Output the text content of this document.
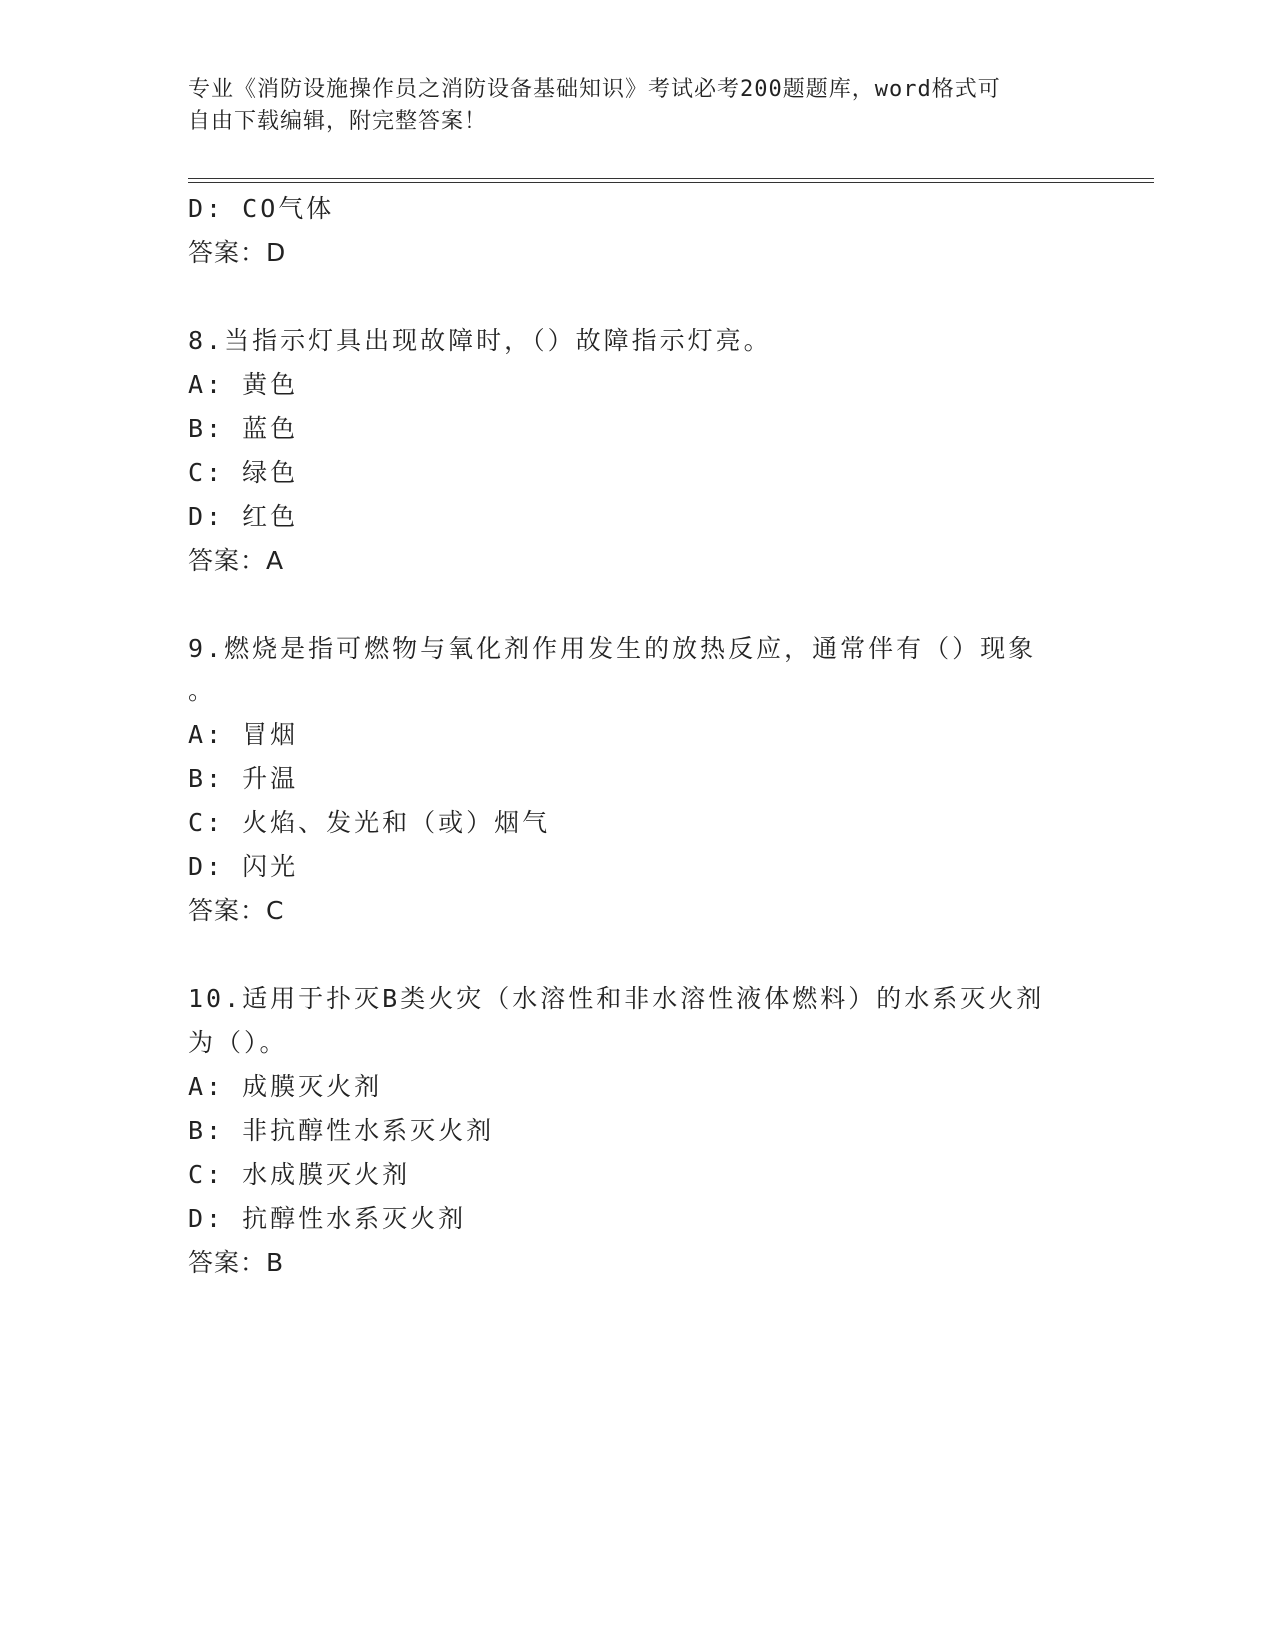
专业《消防设施操作员之消防设备基础知识》考试必考200题题库，word格式可
自由下载编辑，附完整答案！
D: CO气体
答案：D
8.当指示灯具出现故障时，（）故障指示灯亮。
A: 黄色
B: 蓝色
C: 绿色
D: 红色
答案：A
9.燃烧是指可燃物与氧化剂作用发生的放热反应，通常伴有（）现象
。
A: 冒烟
B: 升温
C: 火焰、发光和（或）烟气
D: 闪光
答案：C
10.适用于扑灭B类火灾（水溶性和非水溶性液体燃料）的水系灭火剂
为（）。
A: 成膜灭火剂
B: 非抗醇性水系灭火剂
C: 水成膜灭火剂
D: 抗醇性水系灭火剂
答案：B
